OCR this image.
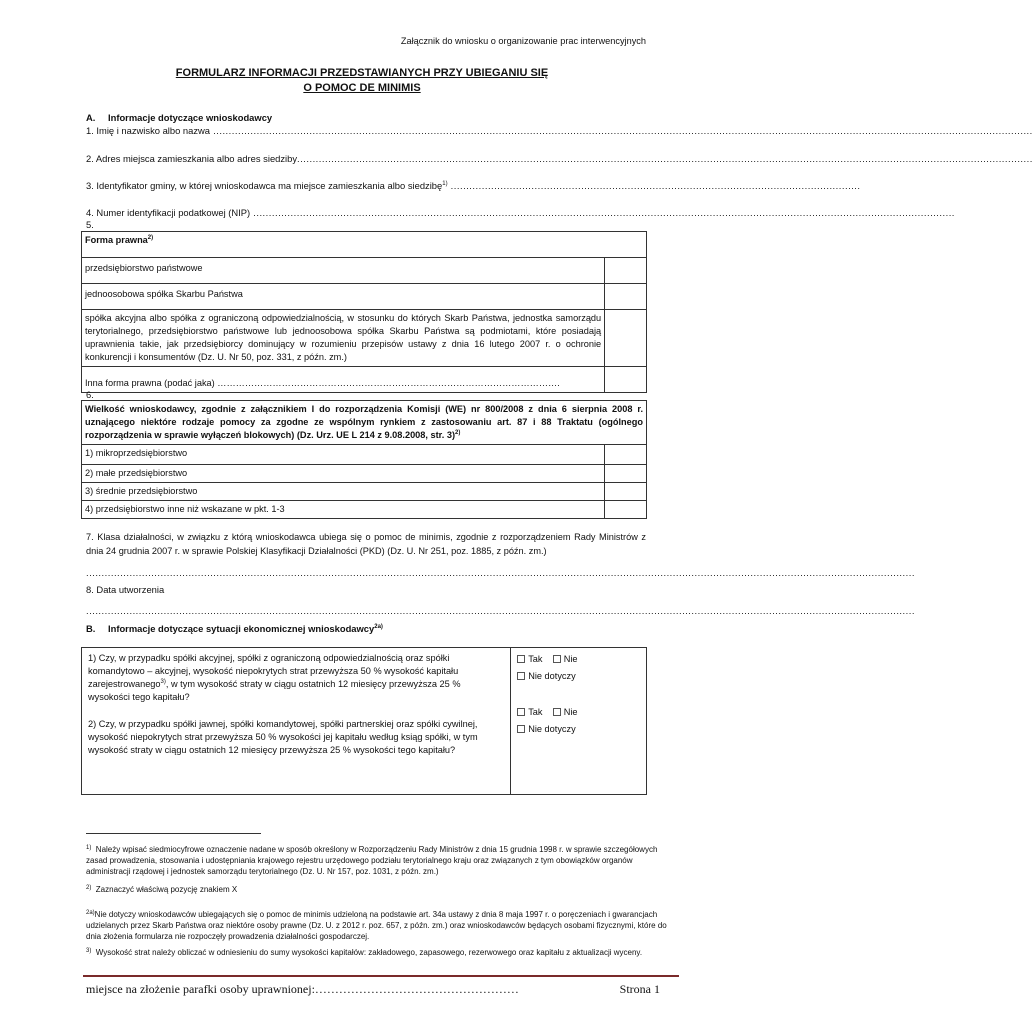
Załącznik do wniosku o organizowanie prac interwencyjnych
FORMULARZ INFORMACJI PRZEDSTAWIANYCH PRZY UBIEGANIU SIĘ
O POMOC DE MINIMIS
A. Informacje dotyczące wnioskodawcy
1. Imię i nazwisko albo nazwa ........................................................................................................................................................................................................................................................................
2. Adres miejsca zamieszkania albo adres siedziby.............................................................................................................................................................................................................................................
3. Identyfikator gminy, w której wnioskodawca ma miejsce zamieszkania albo siedzibę$^{1)}$ ....................................................................................................................................
4. Numer identyfikacji podatkowej (NIP) ..................................................................................................................................................................................................................................
5.
Forma prawna$^{2)}$
przedsiębiorstwo państwowe	
jednoosobowa spółka Skarbu Państwa	
spółka akcyjna albo spółka z ograniczoną odpowiedzialnością, w stosunku do których Skarb Państwa, jednostka samorządu terytorialnego, przedsiębiorstwo państwowe lub jednoosobowa spółka Skarbu Państwa są podmiotami, które posiadają uprawnienia takie, jak przedsiębiorcy dominujący w rozumieniu przepisów ustawy z dnia 16 lutego 2007 r. o ochronie konkurencji i konsumentów (Dz. U. Nr 50, poz. 331, z późn. zm.)	
Inna forma prawna (podać jaka) ………………………………………………………………………………………………….	
6.
Wielkość wnioskodawcy, zgodnie z załącznikiem I do rozporządzenia Komisji (WE) nr 800/2008 z dnia 6 sierpnia 2008 r. uznającego niektóre rodzaje pomocy za zgodne ze wspólnym rynkiem z zastosowaniu art. 87 i 88 Traktatu (ogólnego rozporządzenia w sprawie wyłączeń blokowych) (Dz. Urz. UE L 214 z 9.08.2008, str. 3)$^{2)}$
1) mikroprzedsiębiorstwo	
2) małe przedsiębiorstwo	
3) średnie przedsiębiorstwo	
4) przedsiębiorstwo inne niż wskazane w pkt. 1-3	
7. Klasa działalności, w związku z którą wnioskodawca ubiega się o pomoc de minimis, zgodnie z rozporządzeniem Rady Ministrów z dnia 24 grudnia 2007 r. w sprawie Polskiej Klasyfikacji Działalności (PKD) (Dz. U. Nr 251, poz. 1885, z późn. zm.)
...........................................................................................................................................................................................................................................................................
8. Data utworzenia
...........................................................................................................................................................................................................................................................................
B. Informacje dotyczące sytuacji ekonomicznej wnioskodawcy$^{2a)}$
1) Czy, w przypadku spółki akcyjnej, spółki z ograniczoną odpowiedzialnością oraz spółki komandytowo – akcyjnej, wysokość niepokrytych strat przewyższa 50 % wysokość kapitału zarejestrowanego$^{3)}$, w tym wysokość straty w ciągu ostatnich 12 miesięcy przewyższa 25 % wysokości tego kapitału?
2) Czy, w przypadku spółki jawnej, spółki komandytowej, spółki partnerskiej oraz spółki cywilnej, wysokość niepokrytych strat przewyższa 50 % wysokości jej kapitału według ksiąg spółki, w tym wysokość straty w ciągu ostatnich 12 miesięcy przewyższa 25 % wysokości tego kapitału?

Tak Nie
Nie dotyczy
Tak Nie
Nie dotyczy
$^{1)}$ Należy wpisać siedmiocyfrowe oznaczenie nadane w sposób określony w Rozporządzeniu Rady Ministrów z dnia 15 grudnia 1998 r. w sprawie szczegółowych zasad prowadzenia, stosowania i udostępniania krajowego rejestru urzędowego podziału terytorialnego kraju oraz związanych z tym obowiązków organów administracji rządowej i jednostek samorządu terytorialnego (Dz. U. Nr 157, poz. 1031, z późn. zm.)
$^{2)}$ Zaznaczyć właściwą pozycję znakiem X
$^{2a)}$Nie dotyczy wnioskodawców ubiegających się o pomoc de minimis udzieloną na podstawie art. 34a ustawy z dnia 8 maja 1997 r. o poręczeniach i gwarancjach udzielanych przez Skarb Państwa oraz niektóre osoby prawne (Dz. U. z 2012 r. poz. 657, z późn. zm.) oraz wnioskodawców będących osobami fizycznymi, które do dnia złożenia formularza nie rozpoczęły prowadzenia działalności gospodarczej.
$^{3)}$ Wysokość strat należy obliczać w odniesieniu do sumy wysokości kapitałów: zakładowego, zapasowego, rezerwowego oraz kapitału z aktualizacji wyceny.
miejsce na złożenie parafki osoby uprawnionej:……………………………………………	Strona 1
